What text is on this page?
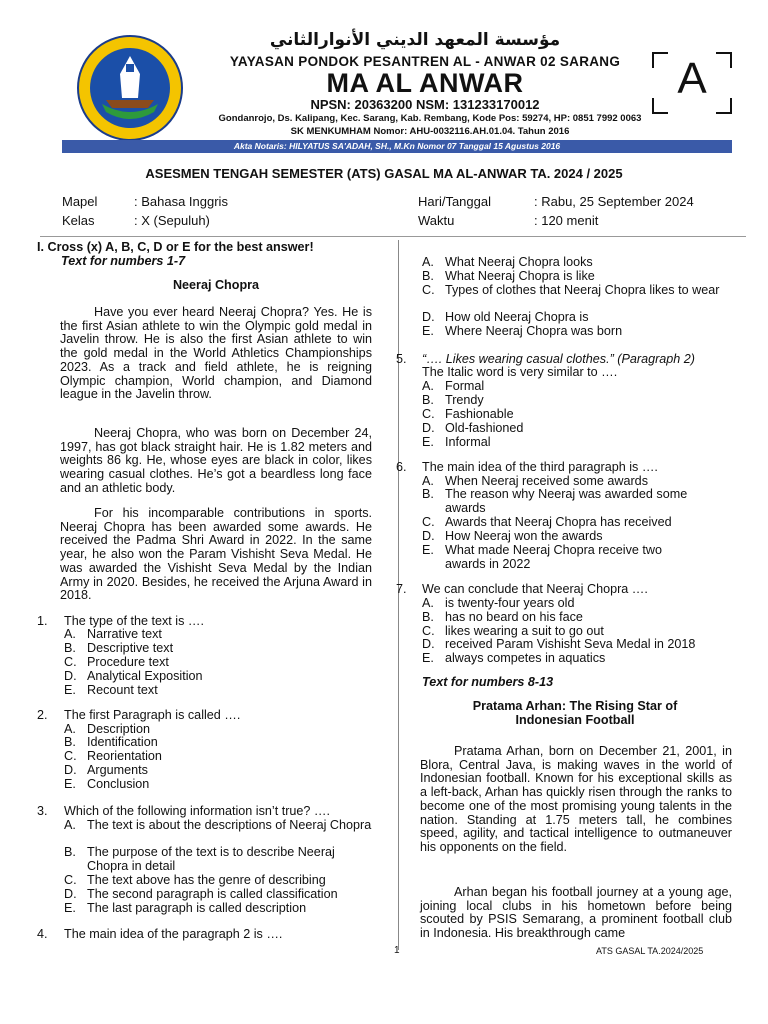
مؤسسة المعهد الديني الأنوارالثاني
YAYASAN PONDOK PESANTREN AL - ANWAR 02 SARANG
MA AL ANWAR
NPSN: 20363200 NSM: 131233170012
Gondanrojo, Ds. Kalipang, Kec. Sarang, Kab. Rembang, Kode Pos: 59274, HP: 0851 7992 0063
SK MENKUMHAM Nomor: AHU-0032116.AH.01.04. Tahun 2016
Akta Notaris: HILYATUS SA'ADAH, SH., M.Kn Nomor 07 Tanggal 15 Agustus 2016
A
ASESMEN TENGAH SEMESTER (ATS) GASAL MA AL-ANWAR TA. 2024 / 2025
Mapel	: Bahasa Inggris
Kelas	: X (Sepuluh)
Hari/Tanggal	: Rabu, 25 September 2024
Waktu	: 120 menit
I. Cross (x) A, B, C, D or E for the best answer!
Text for numbers 1-7
Neeraj Chopra
Have you ever heard Neeraj Chopra? Yes. He is the first Asian athlete to win the Olympic gold medal in Javelin throw. He is also the first Asian athlete to win the gold medal in the World Athletics Championships 2023. As a track and field athlete, he is reigning Olympic champion, World champion, and Diamond league in the Javelin throw.
Neeraj Chopra, who was born on December 24, 1997, has got black straight hair. He is 1.82 meters and weights 86 kg. He, whose eyes are black in color, likes wearing casual clothes. He’s got a beardless long face and an athletic body.
For his incomparable contributions in sports. Neeraj Chopra has been awarded some awards. He received the Padma Shri Award in 2022. In the same year, he also won the Param Vishisht Seva Medal. He was awarded the Vishisht Seva Medal by the Indian Army in 2020. Besides, he received the Arjuna Award in 2018.
1. The type of the text is ….
A. Narrative text
B. Descriptive text
C. Procedure text
D. Analytical Exposition
E. Recount text
2. The first Paragraph is called ….
A. Description
B. Identification
C. Reorientation
D. Arguments
E. Conclusion
3. Which of the following information isn’t true? ….
A. The text is about the descriptions of Neeraj Chopra
B. The purpose of the text is to describe Neeraj Chopra in detail
C. The text above has the genre of describing
D. The second paragraph is called classification
E. The last paragraph is called description
4. The main idea of the paragraph 2 is ….
1
A. What Neeraj Chopra looks
B. What Neeraj Chopra is like
C. Types of clothes that Neeraj Chopra likes to wear
D. How old Neeraj Chopra is
E. Where Neeraj Chopra was born
5. “…. Likes wearing casual clothes.” (Paragraph 2)
The Italic word is very similar to ….
A. Formal
B. Trendy
C. Fashionable
D. Old-fashioned
E. Informal
6. The main idea of the third paragraph is ….
A. When Neeraj received some awards
B. The reason why Neeraj was awarded some awards
C. Awards that Neeraj Chopra has received
D. How Neeraj won the awards
E. What made Neeraj Chopra receive two awards in 2022
7. We can conclude that Neeraj Chopra ….
A. is twenty-four years old
B. has no beard on his face
C. likes wearing a suit to go out
D. received Param Vishisht Seva Medal in 2018
E. always competes in aquatics
Text for numbers 8-13
Pratama Arhan: The Rising Star of
Indonesian Football
Pratama Arhan, born on December 21, 2001, in Blora, Central Java, is making waves in the world of Indonesian football. Known for his exceptional skills as a left-back, Arhan has quickly risen through the ranks to become one of the most promising young talents in the nation. Standing at 1.75 meters tall, he combines speed, agility, and tactical intelligence to outmaneuver his opponents on the field.
Arhan began his football journey at a young age, joining local clubs in his hometown before being scouted by PSIS Semarang, a prominent football club in Indonesia. His breakthrough came
ATS GASAL TA.2024/2025
